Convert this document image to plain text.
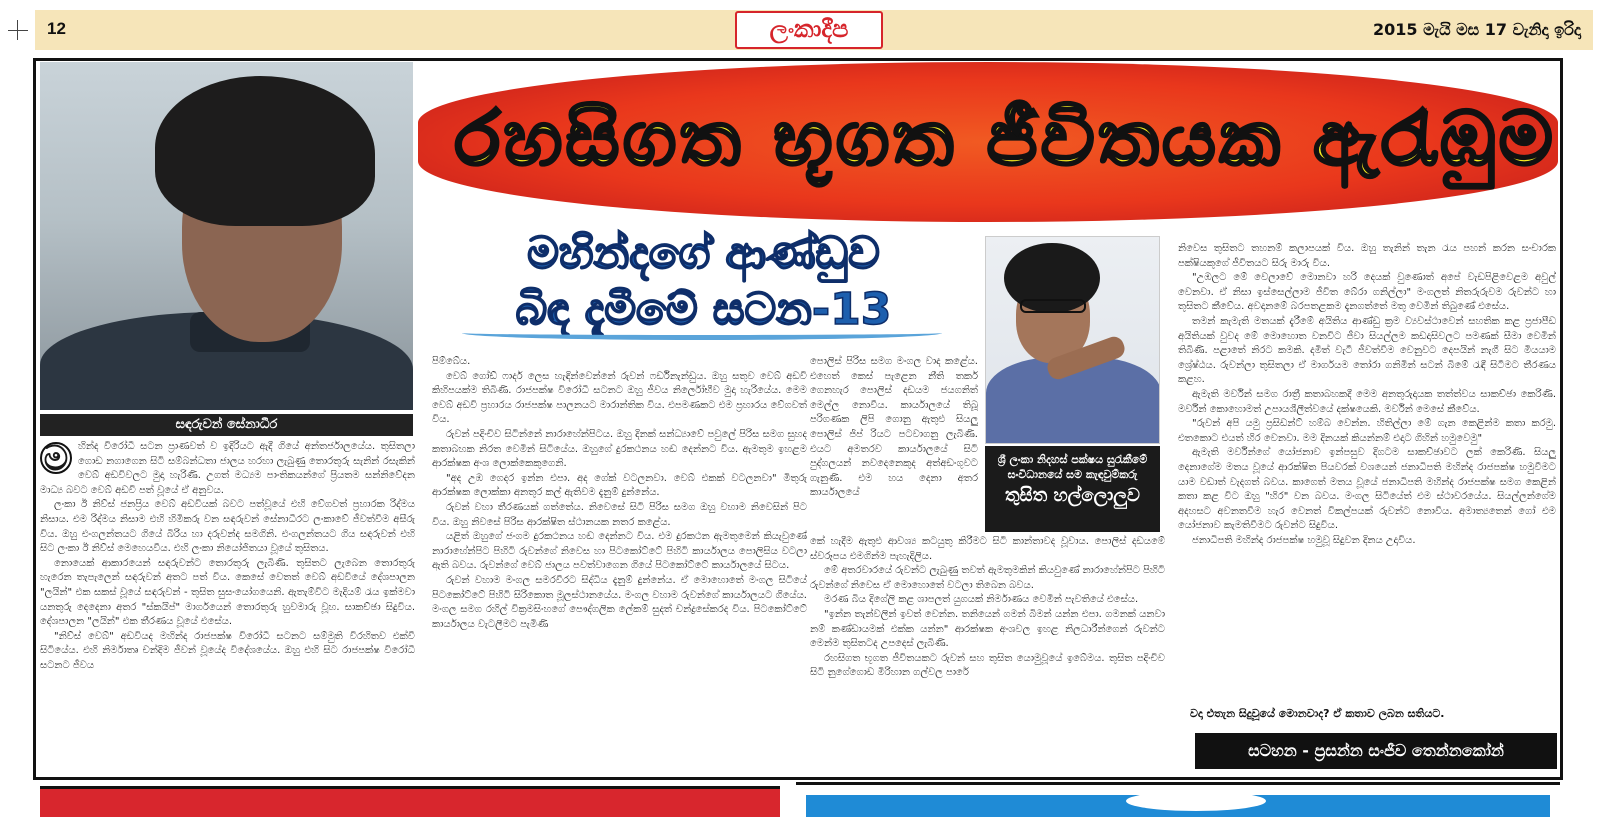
12	ලංකාදීප	2015 මැයි මස 17 වැනිදා ඉරිදා
සඳරුවන් සේනාධීර
රහසිගත භූගත ජීවිතයක ඇරැඹුම
මහින්දගේ ආණ්ඩුව
බිඳ දැමීමේ සටන-13
ශ්‍රී ලංකා නිදහස් පක්ෂය සුරැකීමේ සංවිධානයේ සම කැඳවුම්කරු
තුසිත හල්ලොලුව
ම හින්ද විරෝධී සටන ප්‍රාණවත් ව ඉදිරියට ඇදී ගියේ අන්තර්ජාලයේය. තුසිතලා ගොඩ නගාගෙන සිටි සම්බන්ධතා ජාලය හරහා ලැබුණු තොරතුරු සැනින් රසැකින් වෙබ් අඩවිවලට මුදා හැරිණි. උගත් මධ්‍යම පාංතිකයන්ගේ ප්‍රියතම සන්නිවේදන මාධ්‍ය බවට වෙබ් අඩවි පත් වූයේ ඒ අනුවය.

ලංකා ඊ නිව්ස් ජනප්‍රිය වෙබ් අඩවියක් බවට පත්වූයේ එහි වේගවත් ප්‍රහාරක රිද්මය නිසාය. එම රිද්මය නිසාම එහි හිමිකරු වන සඳරුවන් සේනාධීරට ලංකාවේ ජීවත්වීම අසීරු විය. ඔහු එංගලන්තයට ගියේ බිරිය හා දරුවන්ද සමගිනි. එංගලන්තයට ගිය සඳරුවන් එහි සිට ලංකා ඊ නිව්ස් මෙහෙයවීය. එහි ලංකා නියෝජිතයා වූයේ තුසිතය.

නොයෙක් ආකාරයෙන් සඳරුවන්ට තොරතුරු ලැබිණි. තුසිතට ලැබෙන තොරතුරු හැරෙන තැපැලෙන් සඳරුවන් අතට පත් විය. කෙසේ වෙතත් වෙබ් අඩවියේ දේශපාලන "ලයින්" එක සකස් වූයේ සඳරුවන් - තුසිත සුසංයෝගයෙනි. ඇතැම්විට මැදියම් රැය ඉක්මවා යනතුරු දෙදෙනා අතර "ස්කයිප්" මාර්ගයෙන් තොරතුරු හුවමාරු වූහ. සාකච්ඡා සිදුවිය. දේශපාලන "ලයින්" එක තීරණය වූයේ එසේය.

"නිව්ස් වෙබ්" අඩවියද මහින්ද රාජපක්ෂ විරෝධී සටනට සම්මුති විරහිතව එක්වී සිටියේය. එහි නිර්මාතෘ චන්දිම ජීවන් වූයේද විදේශයේය. ඔහු එහි සිට රාජපක්ෂ විරෝධී සටනට ජීවය

පිම්බේය.

වෙබ් ගෝඩ් ෆාදර් ලෙස හැඳින්වෙන්නේ රුවන් ෆර්ඩිනැන්ඩුය. ඔහු සතුව වෙබ් අඩවි කිහිපයක්ම තිබිණි. රාජපක්ෂ විරෝධී සටනට ඔහු ජීවය නිර්ලෝභීව මුදා හැරියේය. මෙම වෙබ් අඩවි ප්‍රහාරය රාජපක්ෂ පාලනයට මාරාන්තික විය. එපමණකට එම ප්‍රහාරය වේගවත් විය.

රුවන් පදිංචිව සිටින්නේ නාරාහේන්පිටය. ඔහු දිනක් සන්ධ්‍යාවේ පවුලේ පිරිස සමග සුහද කතාබහක නිරත වෙමින් සිටියේය. ඔහුගේ දුරකථනය හඬ දෙන්නට විය. ඇමතුම ඉහළම ආරක්ෂක අංශ ලොක්කෙකුගෙනි.

"අද උඹ ගෙදර ඉන්න එපා. අද ගේක් වටලනවා. වෙබ් එකක් වටලනවා" මිතුරු ආරක්ෂක ලොක්කා අනතුර කල් ඇතිවම දැනුම් දුන්නේය.

රුවන් වහා තීරණයක් ගත්තේය. නිවෙසේ සිටි පිරිස සමග ඔහු වහාම නිවෙසින් පිට විය. ඔහු නිවසේ පිරිස ආරක්ෂිත ස්ථානයක නතර කළේය.

යළිත් ඔහුගේ ජංගම දුරකථනය හඬ දෙන්නට විය. එම දුරකථන ඇමතුමෙන් කියැවුණේ නාරාහේන්පිට පිහිටි රුවන්ගේ නිවෙස හා පිටකෝට්ටේ පිහිටි කාර්යාලය පොලිසිය වටලා ඇති බවය. රුවන්ගේ වෙබ් ජාලය පවත්වාගෙන ගියේ පිටකෝට්ටේ කාර්යාලයේ සිටය.

රුවන් වහාම මංගල සමරවීරට සිද්ධිය දැනුම් දුන්නේය. ඒ මොහොතේ මංගල සිටියේ පිටකෝට්ටේ පිහිටි සිරිකොත මූලස්ථානයේය. මංගල වහාම රුවන්ගේ කාර්යාලයට ගියේය. මංගල සමග රහිල් වික්‍රමසිංහගේ පෞද්ගලික ලේකම් සුදත් චන්ද්‍රසේකරද විය. පිටකෝට්ටේ කාර්යාලය වැටලීමට පැමිණි

පොලිස් පිරිස සමග මංගල වාද කළේය. එහෙත් කෙස් පැළෙන නීති තර්ක ගෙනහැර පොලිස් දඩයම ජයගනිත් මෙල්ල නොවීය. කාර්යාලයේ තිබූ පරිගණක ලිපි ගොනු ඇතුළු සියලු පොලිස් ජිප් රියට පටවාගනු ලැබිණි. එයට අමතරව කාර්යාලයේ සිටි පුද්ගලයන් නවදෙනෙකුද අත්අඩංගුවට ගැනුණි. එම හය දෙනා අතර කාර්යාලයේ

කේ හැදීම ඇතුළු ආවශ්‍ය කටයුතු කිරීමට සිටි කාන්තාවද වූවාය. පොලිස් දඩයමේ ස්වරූපය එමගින්ම පැහැදිලිය.

මේ අතරවාරයේ රුවන්ට ලැබුණු තවත් ඇමතුමකින් කියවුණේ නාරාහේන්පිට පිහිටි රුවන්ගේ නිවෙස ඒ මොහොතේ වටලා තිබෙන බවය.

මරණ බිය දිගේලි කළ ශාපලත් යුගයක් නිර්මාණය වෙමින් පැවතියේ එසේය.

"ඉන්න තැන්වලින් ඉවත් වෙන්න. තනියෙන් ගමන් බිමන් යන්න එපා. ගමනක් යනවා නම් කණ්ඩායමක් එක්ක යන්න" ආරක්ෂක අංශවල ඉහළ නිලධාරීන්ගෙන් රුවන්ට මෙන්ම තුසිතටද උපදෙස් ලැබිණි.

රහසිගත භූගත ජීවිතයකට රුවන් සහ තුසිත යොමුවූයේ ඉබේමය. තුසිත පදිංචිව සිටි නුගේගොඩ මිරිහාන ගල්වල පාරේ

නිවෙස තුසිතට තහනම් කලාපයක් විය. ඔහු තැනින් තැන රැය පහන් කරන සංචාරක පක්ෂියකුගේ ජීවිතයට සිරු මාරු විය.

"උඹලට මේ වෙලාවේ මොනවා හරි දෙයක් වුණොත් අපේ වැඩපිළිවෙළම අවුල් වෙනවා. ඒ නිසා ඉස්සෙල්ලාම ජීවිත බේරා ගනිල්ලා" මංගලත් නිතරුරුවම රුවන්ට හා තුසිතට කීවේය. අවදානමේ බරපතළකම දැනගත්තේ මතු වෙමින් තිබුණේ එසේය.

තමන් කැමැති මතයක් දැරීමේ අයිතිය ආණ්ඩු ක්‍රම ව්‍යවස්ථාවෙන් සහතික කළ ප්‍රජාපීඩ අයිතියක් වුවද මේ මොහොත වනවිට ජීවා සියල්ලම කඩදාසිවලට පමණක් සීමා වෙමින් තිබිණි. පළාතේ නිරට කමකි. දමිත් වැටී ජීවත්වීම වෙනුවට දෙපයින් නැගී සිට මියයාම ශ්‍රේෂ්ඨය. රුවන්ලා තුසිතලා ඒ මාර්ගයම තෝරා ගනිමින් සටන් බිමේ රැඳී සිටීමට තීරණය කළහ.

ඇමැති මර්වින් සමග රාත්‍රී කතාබහකදී මෙම අනතුරුදායක තත්ත්වය සාකච්ඡා කෙරිණි. මර්වින් කොහොමත් උපායශීලීත්වයේ දක්ෂයෙකි. මර්වින් මෙසේ කීවේය.

"රුවන් අපි යමු ප්‍රසිඩන්ට් හම්බ වෙන්න. හිතිල්ලා මේ ගැන කෙළින්ම කතා කරමු. එතකොට එයත් හිර වෙනවා. මම දිනයක් කියන්නම් එදාට ගිහින් හමුවෙමු"

ඇමැති මර්වින්ගේ යෝජනාව ඉන්පසුව දිගටම සාකච්ඡාවට ලක් කෙරිණි. සියලු දෙනාගේම මතය වූයේ ආරක්ෂිත පියවරක් වශයෙන් ජනාධිපති මහින්ද රාජපක්ෂ හමුවීමට යාම වඩාත් වැදගත් බවය. කාගෙත් මතය වූයේ ජනාධිපති මහින්ද රාජපක්ෂ සමග කෙළින් කතා කළ විට ඔහු "හිර" වන බවය. මංගල සිටියේත් එම ස්ථාවරයේය. සියල්ලන්ගේම අදහසට අවනතවීම හැර වෙනත් විකල්පයක් රුවන්ට නොවීය. අමාත්‍යතෙන් ගෝ එම යෝජනාව කැමතිවීමට රුවන්ට සිදුවිය.

ජනාධිපති මහින්ද රාජපක්ෂ හමුවූ සිදුවන දිනය උදාවිය.

වදා එතැන සිදුවූයේ මොනවාද? ඒ කතාව ලබන සතියට.
සටහන - ප්‍රසන්න සංජීව තෙන්නකෝන්
